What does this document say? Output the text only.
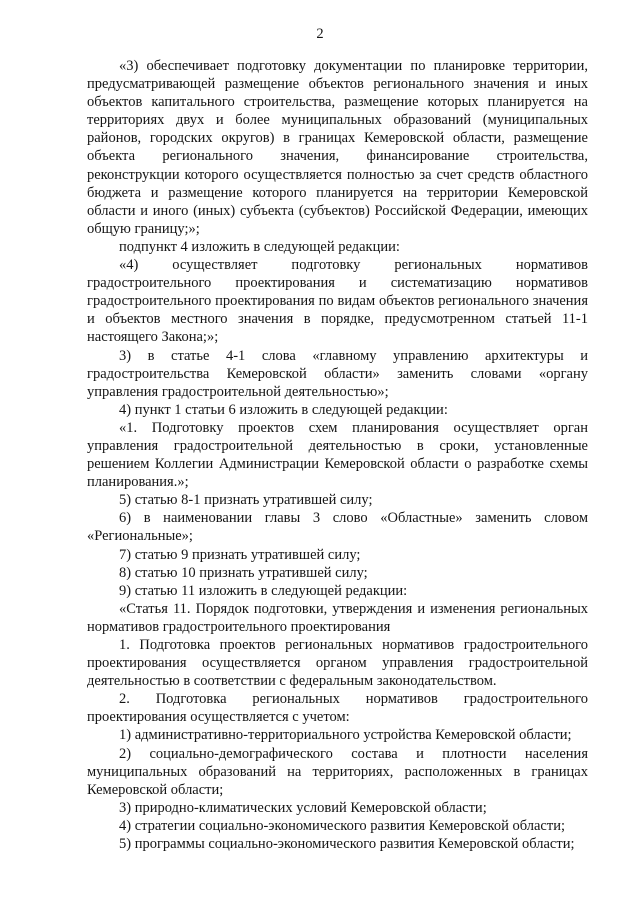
2

«3) обеспечивает подготовку документации по планировке территории, предусматривающей размещение объектов регионального значения и иных объектов капитального строительства, размещение которых планируется на территориях двух и более муниципальных образований (муниципальных районов, городских округов) в границах Кемеровской области, размещение объекта регионального значения, финансирование строительства, реконструкции которого осуществляется полностью за счет средств областного бюджета и размещение которого планируется на территории Кемеровской области и иного (иных) субъекта (субъектов) Российской Федерации, имеющих общую границу;»;

подпункт 4 изложить в следующей редакции:

«4) осуществляет подготовку региональных нормативов градостроительного проектирования и систематизацию нормативов градостроительного проектирования по видам объектов регионального значения и объектов местного значения в порядке, предусмотренном статьей 11-1 настоящего Закона;»;

3) в статье 4-1 слова «главному управлению архитектуры и градостроительства Кемеровской области» заменить словами «органу управления градостроительной деятельностью»;

4) пункт 1 статьи 6 изложить в следующей редакции:

«1. Подготовку проектов схем планирования осуществляет орган управления градостроительной деятельностью в сроки, установленные решением Коллегии Администрации Кемеровской области о разработке схемы планирования.»;

5) статью 8-1 признать утратившей силу;

6) в наименовании главы 3 слово «Областные» заменить словом «Региональные»;

7) статью 9 признать утратившей силу;

8) статью 10 признать утратившей силу;

9) статью 11 изложить в следующей редакции:

«Статья 11. Порядок подготовки, утверждения и изменения региональных нормативов градостроительного проектирования

1. Подготовка проектов региональных нормативов градостроительного проектирования осуществляется органом управления градостроительной деятельностью в соответствии с федеральным законодательством.

2. Подготовка региональных нормативов градостроительного проектирования осуществляется с учетом:

1) административно-территориального устройства Кемеровской области;

2) социально-демографического состава и плотности населения муниципальных образований на территориях, расположенных в границах Кемеровской области;

3) природно-климатических условий Кемеровской области;

4) стратегии социально-экономического развития Кемеровской области;

5) программы социально-экономического развития Кемеровской области;
